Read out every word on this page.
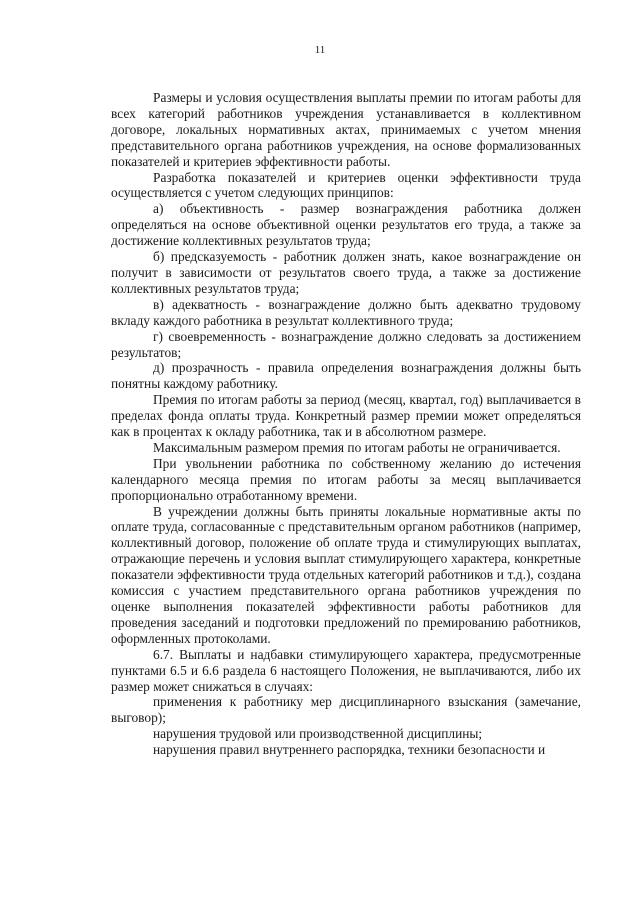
11

Размеры и условия осуществления выплаты премии по итогам работы для всех категорий работников учреждения устанавливается в коллективном договоре, локальных нормативных актах, принимаемых с учетом мнения представительного органа работников учреждения, на основе формализованных показателей и критериев эффективности работы.

Разработка показателей и критериев оценки эффективности труда осуществляется с учетом следующих принципов:

а) объективность - размер вознаграждения работника должен определяться на основе объективной оценки результатов его труда, а также за достижение коллективных результатов труда;

б) предсказуемость - работник должен знать, какое вознаграждение он получит в зависимости от результатов своего труда, а также за достижение коллективных результатов труда;

в) адекватность - вознаграждение должно быть адекватно трудовому вкладу каждого работника в результат коллективного труда;

г) своевременность - вознаграждение должно следовать за достижением результатов;

д) прозрачность - правила определения вознаграждения должны быть понятны каждому работнику.

Премия по итогам работы за период (месяц, квартал, год) выплачивается в пределах фонда оплаты труда. Конкретный размер премии может определяться как в процентах к окладу работника, так и в абсолютном размере.

Максимальным размером премия по итогам работы не ограничивается.

При увольнении работника по собственному желанию до истечения календарного месяца премия по итогам работы за месяц выплачивается пропорционально отработанному времени.

В учреждении должны быть приняты локальные нормативные акты по оплате труда, согласованные с представительным органом работников (например, коллективный договор, положение об оплате труда и стимулирующих выплатах, отражающие перечень и условия выплат стимулирующего характера, конкретные показатели эффективности труда отдельных категорий работников и т.д.), создана комиссия с участием представительного органа работников учреждения по оценке выполнения показателей эффективности работы работников для проведения заседаний и подготовки предложений по премированию работников, оформленных протоколами.

6.7. Выплаты и надбавки стимулирующего характера, предусмотренные пунктами 6.5 и 6.6 раздела 6 настоящего Положения, не выплачиваются, либо их размер может снижаться в случаях:

применения к работнику мер дисциплинарного взыскания (замечание, выговор);

нарушения трудовой или производственной дисциплины;

нарушения правил внутреннего распорядка, техники безопасности и
